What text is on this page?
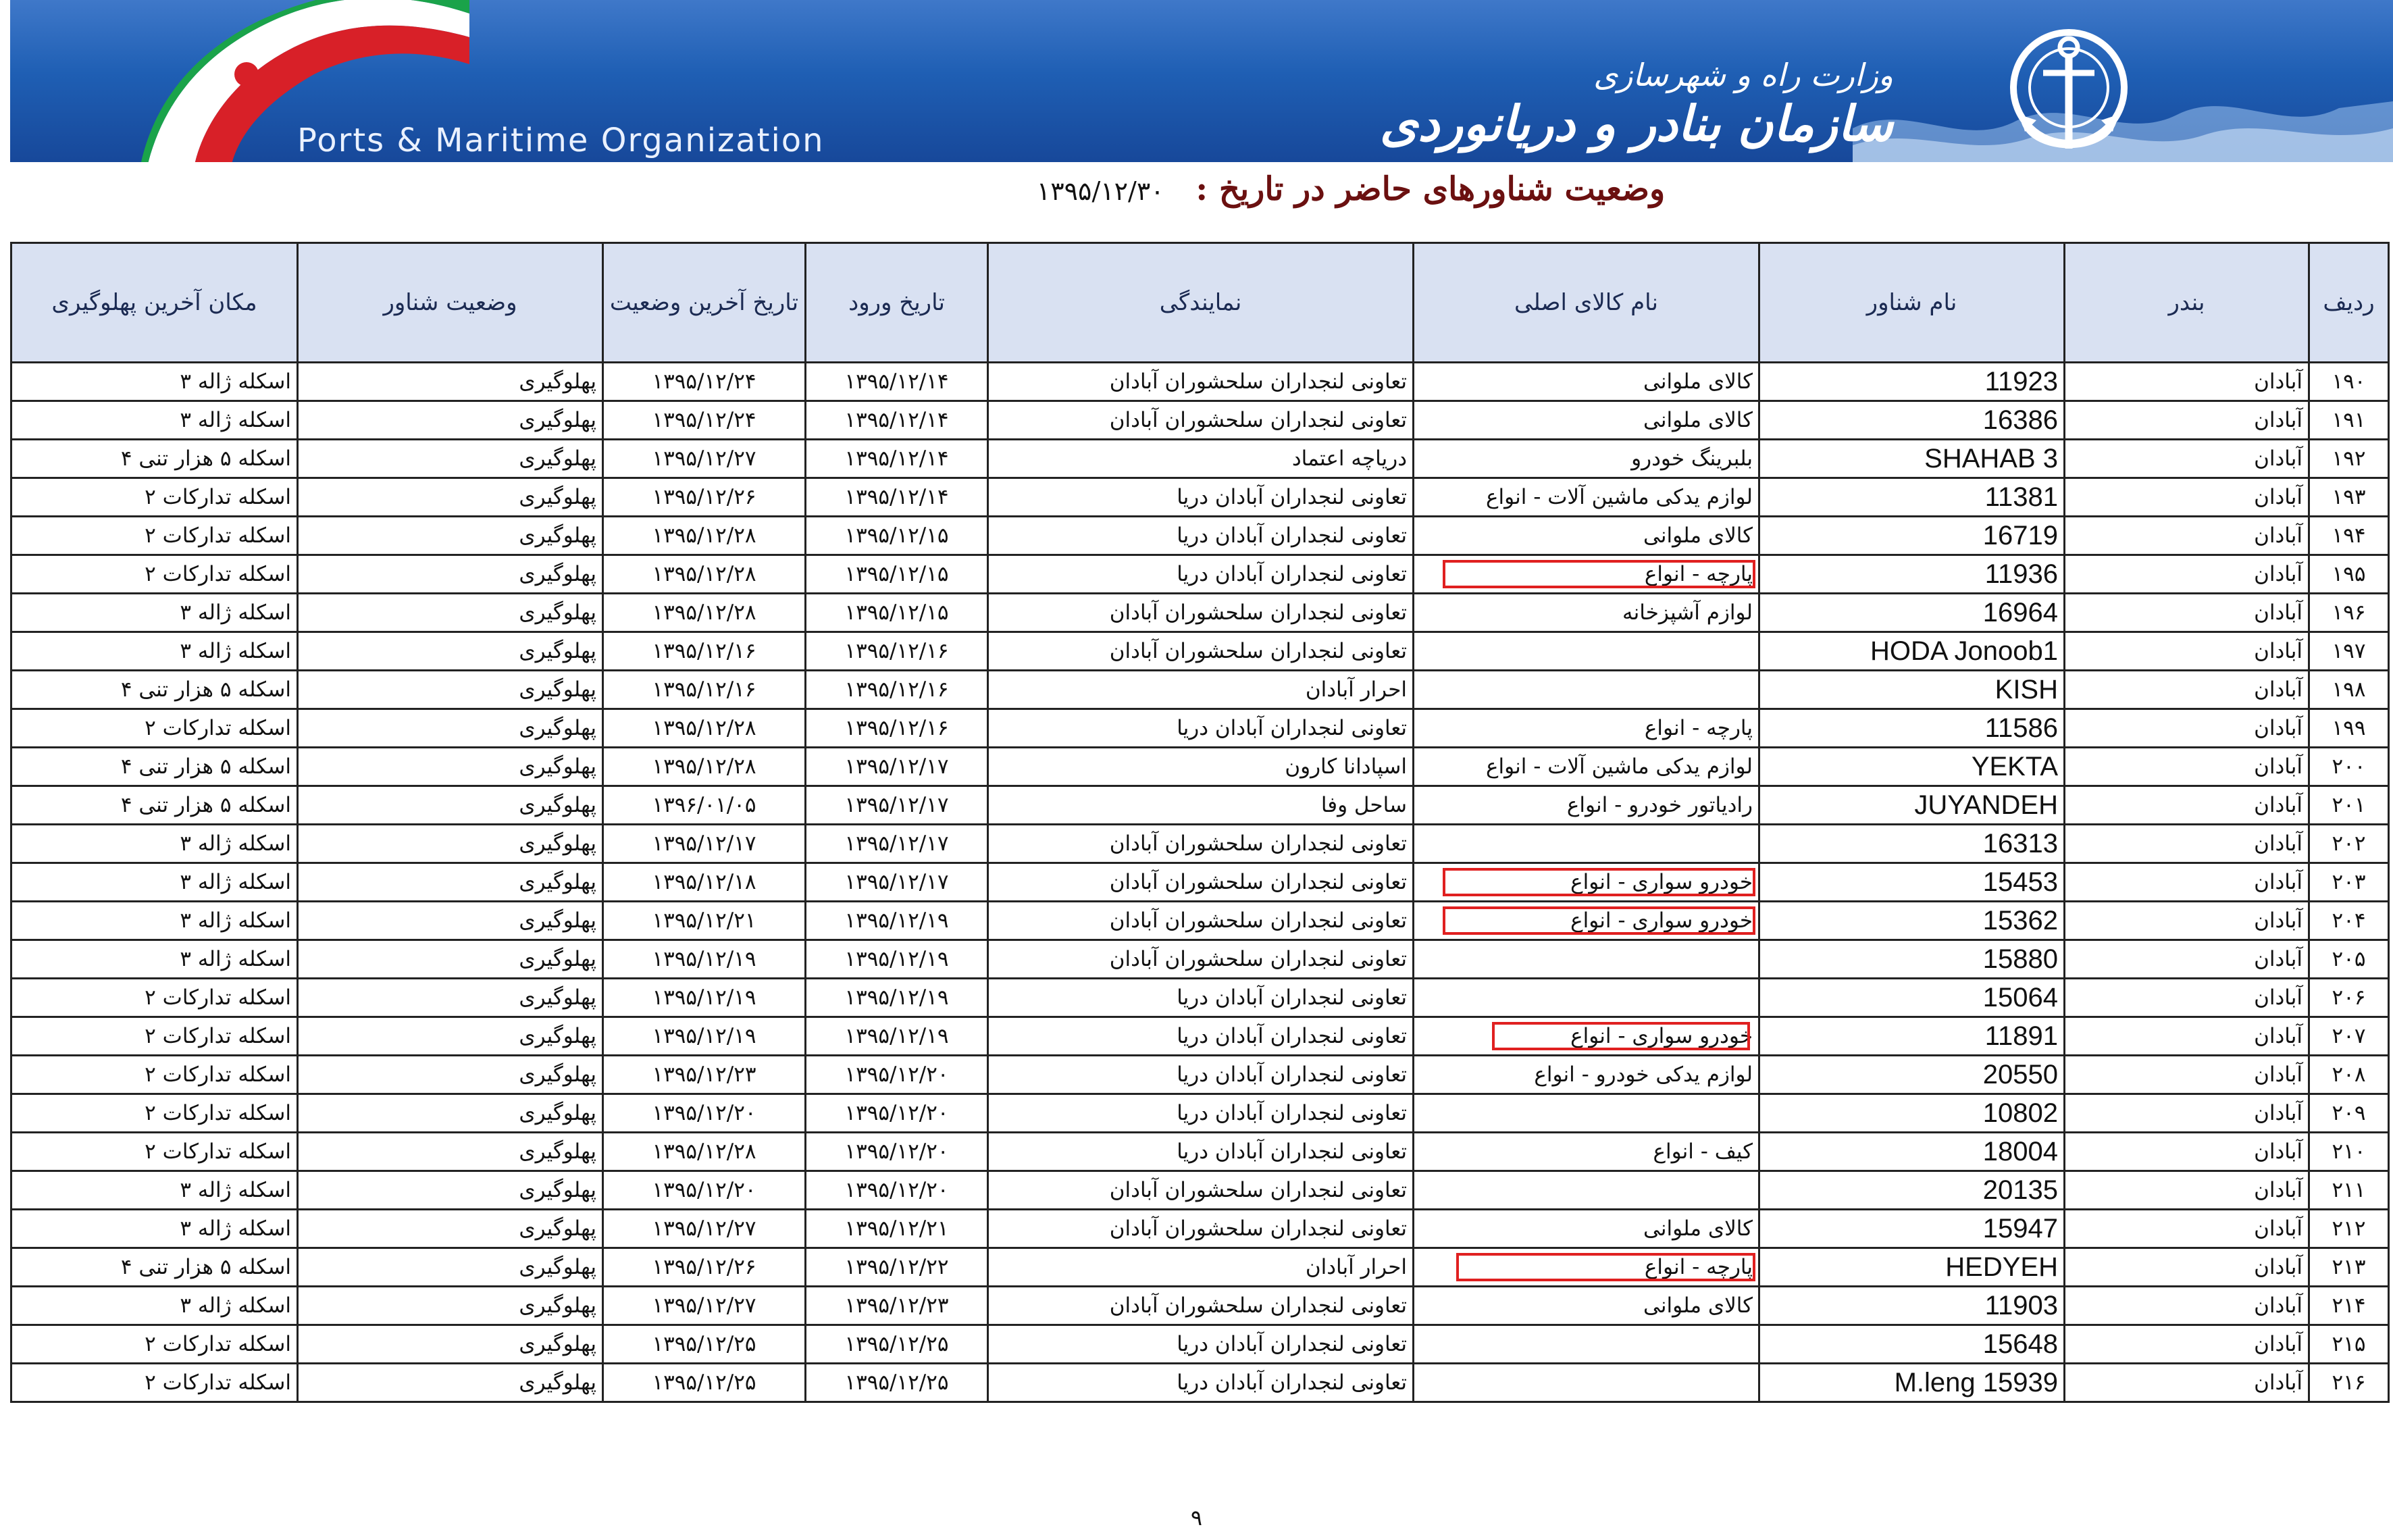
Ports & Maritime Organization
وزارت راه و شهرسازی
سازمان بنادر و دریانوردی
وضعیت شناورهای حاضر در تاریخ : ۱۳۹۵/۱۲/۳۰
ردیف	بندر	نام شناور	نام کالای اصلی	نمایندگی	تاریخ ورود	تاریخ آخرین وضعیت	وضعیت شناور	مکان آخرین پهلوگیری
۱۹۰	آبادان	11923	کالای ملوانی	تعاونی لنجداران سلحشوران آبادان	۱۳۹۵/۱۲/۱۴	۱۳۹۵/۱۲/۲۴	پهلوگیری	اسکله ژاله ۳
۱۹۱	آبادان	16386	کالای ملوانی	تعاونی لنجداران سلحشوران آبادان	۱۳۹۵/۱۲/۱۴	۱۳۹۵/۱۲/۲۴	پهلوگیری	اسکله ژاله ۳
۱۹۲	آبادان	SHAHAB 3	بلبرینگ خودرو	دریاچه اعتماد	۱۳۹۵/۱۲/۱۴	۱۳۹۵/۱۲/۲۷	پهلوگیری	اسکله ۵ هزار تنی ۴
۱۹۳	آبادان	11381	لوازم یدکی ماشین آلات - انواع	تعاونی لنجداران آبادان دریا	۱۳۹۵/۱۲/۱۴	۱۳۹۵/۱۲/۲۶	پهلوگیری	اسکله تدارکات ۲
۱۹۴	آبادان	16719	کالای ملوانی	تعاونی لنجداران آبادان دریا	۱۳۹۵/۱۲/۱۵	۱۳۹۵/۱۲/۲۸	پهلوگیری	اسکله تدارکات ۲
۱۹۵	آبادان	11936	پارچه - انواع	تعاونی لنجداران آبادان دریا	۱۳۹۵/۱۲/۱۵	۱۳۹۵/۱۲/۲۸	پهلوگیری	اسکله تدارکات ۲
۱۹۶	آبادان	16964	لوازم آشپزخانه	تعاونی لنجداران سلحشوران آبادان	۱۳۹۵/۱۲/۱۵	۱۳۹۵/۱۲/۲۸	پهلوگیری	اسکله ژاله ۳
۱۹۷	آبادان	HODA Jonoob1		تعاونی لنجداران سلحشوران آبادان	۱۳۹۵/۱۲/۱۶	۱۳۹۵/۱۲/۱۶	پهلوگیری	اسکله ژاله ۳
۱۹۸	آبادان	KISH		احرار آبادان	۱۳۹۵/۱۲/۱۶	۱۳۹۵/۱۲/۱۶	پهلوگیری	اسکله ۵ هزار تنی ۴
۱۹۹	آبادان	11586	پارچه - انواع	تعاونی لنجداران آبادان دریا	۱۳۹۵/۱۲/۱۶	۱۳۹۵/۱۲/۲۸	پهلوگیری	اسکله تدارکات ۲
۲۰۰	آبادان	YEKTA	لوازم یدکی ماشین آلات - انواع	اسپادانا کارون	۱۳۹۵/۱۲/۱۷	۱۳۹۵/۱۲/۲۸	پهلوگیری	اسکله ۵ هزار تنی ۴
۲۰۱	آبادان	JUYANDEH	رادیاتور خودرو - انواع	ساحل وفا	۱۳۹۵/۱۲/۱۷	۱۳۹۶/۰۱/۰۵	پهلوگیری	اسکله ۵ هزار تنی ۴
۲۰۲	آبادان	16313		تعاونی لنجداران سلحشوران آبادان	۱۳۹۵/۱۲/۱۷	۱۳۹۵/۱۲/۱۷	پهلوگیری	اسکله ژاله ۳
۲۰۳	آبادان	15453	خودرو سواری - انواع	تعاونی لنجداران سلحشوران آبادان	۱۳۹۵/۱۲/۱۷	۱۳۹۵/۱۲/۱۸	پهلوگیری	اسکله ژاله ۳
۲۰۴	آبادان	15362	خودرو سواری - انواع	تعاونی لنجداران سلحشوران آبادان	۱۳۹۵/۱۲/۱۹	۱۳۹۵/۱۲/۲۱	پهلوگیری	اسکله ژاله ۳
۲۰۵	آبادان	15880		تعاونی لنجداران سلحشوران آبادان	۱۳۹۵/۱۲/۱۹	۱۳۹۵/۱۲/۱۹	پهلوگیری	اسکله ژاله ۳
۲۰۶	آبادان	15064		تعاونی لنجداران آبادان دریا	۱۳۹۵/۱۲/۱۹	۱۳۹۵/۱۲/۱۹	پهلوگیری	اسکله تدارکات ۲
۲۰۷	آبادان	11891	خودرو سواری - انواع	تعاونی لنجداران آبادان دریا	۱۳۹۵/۱۲/۱۹	۱۳۹۵/۱۲/۱۹	پهلوگیری	اسکله تدارکات ۲
۲۰۸	آبادان	20550	لوازم یدکی خودرو - انواع	تعاونی لنجداران آبادان دریا	۱۳۹۵/۱۲/۲۰	۱۳۹۵/۱۲/۲۳	پهلوگیری	اسکله تدارکات ۲
۲۰۹	آبادان	10802		تعاونی لنجداران آبادان دریا	۱۳۹۵/۱۲/۲۰	۱۳۹۵/۱۲/۲۰	پهلوگیری	اسکله تدارکات ۲
۲۱۰	آبادان	18004	کیف - انواع	تعاونی لنجداران آبادان دریا	۱۳۹۵/۱۲/۲۰	۱۳۹۵/۱۲/۲۸	پهلوگیری	اسکله تدارکات ۲
۲۱۱	آبادان	20135		تعاونی لنجداران سلحشوران آبادان	۱۳۹۵/۱۲/۲۰	۱۳۹۵/۱۲/۲۰	پهلوگیری	اسکله ژاله ۳
۲۱۲	آبادان	15947	کالای ملوانی	تعاونی لنجداران سلحشوران آبادان	۱۳۹۵/۱۲/۲۱	۱۳۹۵/۱۲/۲۷	پهلوگیری	اسکله ژاله ۳
۲۱۳	آبادان	HEDYEH	پارچه - انواع	احرار آبادان	۱۳۹۵/۱۲/۲۲	۱۳۹۵/۱۲/۲۶	پهلوگیری	اسکله ۵ هزار تنی ۴
۲۱۴	آبادان	11903	کالای ملوانی	تعاونی لنجداران سلحشوران آبادان	۱۳۹۵/۱۲/۲۳	۱۳۹۵/۱۲/۲۷	پهلوگیری	اسکله ژاله ۳
۲۱۵	آبادان	15648		تعاونی لنجداران آبادان دریا	۱۳۹۵/۱۲/۲۵	۱۳۹۵/۱۲/۲۵	پهلوگیری	اسکله تدارکات ۲
۲۱۶	آبادان	M.leng 15939		تعاونی لنجداران آبادان دریا	۱۳۹۵/۱۲/۲۵	۱۳۹۵/۱۲/۲۵	پهلوگیری	اسکله تدارکات ۲
۹
